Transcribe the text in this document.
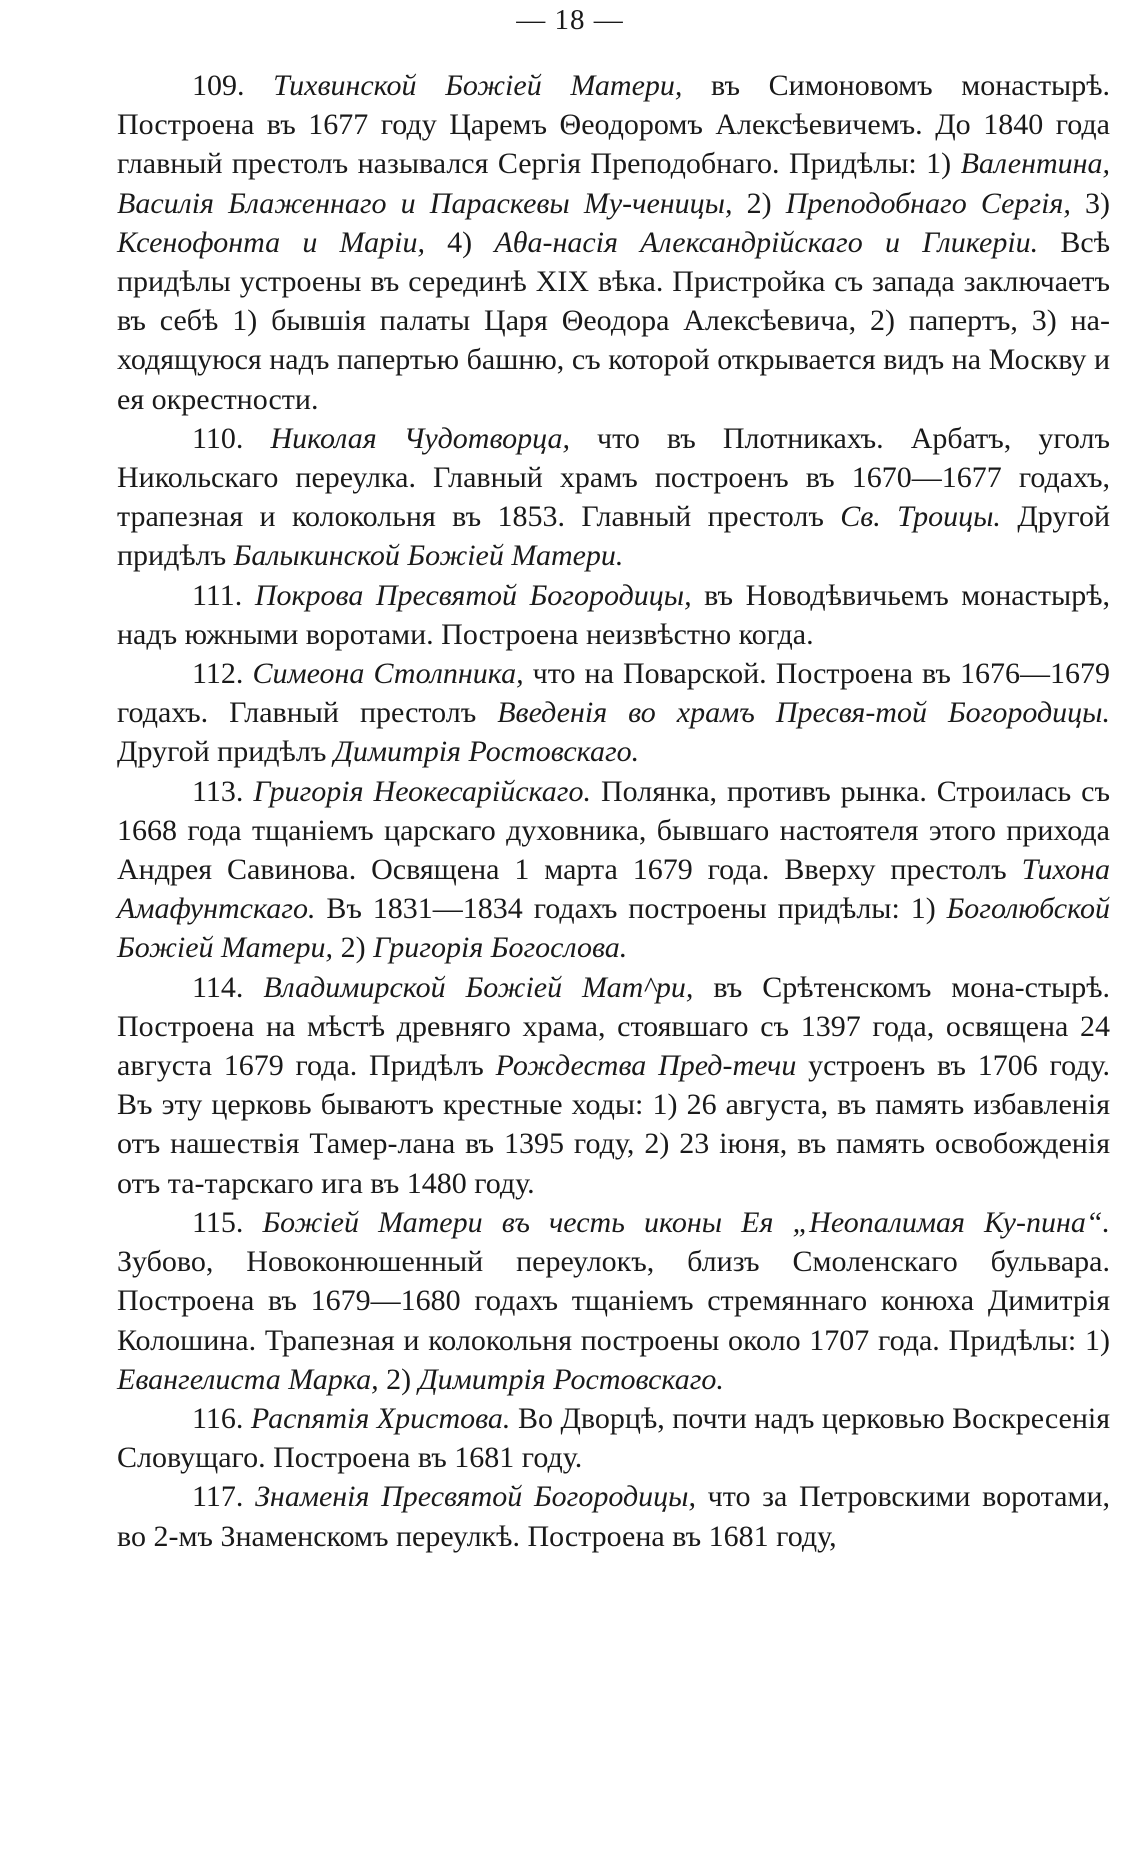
— 18 —

109. Тихвинской Божіей Матери, въ Симоновомъ монастырѣ. Построена въ 1677 году Царемъ Θеодоромъ Алексѣевичемъ. До 1840 года главный престолъ назывался Сергія Преподобнаго. Придѣлы: 1) Валентина, Василія Блаженнаго и Параскевы Му-ченицы, 2) Преподобнаго Сергія, 3) Ксенофонта и Маріи, 4) Аθа-насія Александрійскаго и Гликеріи. Всѣ придѣлы устроены въ серединѣ XIX вѣка. Пристройка съ запада заключаетъ въ себѣ 1) бывшія палаты Царя Θеодора Алексѣевича, 2) папертъ, 3) на-ходящуюся надъ папертью башню, съ которой открывается видъ на Москву и ея окрестности.

110. Николая Чудотворца, что въ Плотникахъ. Арбатъ, уголъ Никольскаго переулка. Главный храмъ построенъ въ 1670—1677 годахъ, трапезная и колокольня въ 1853. Главный престолъ Св. Троицы. Другой придѣлъ Балыкинской Божіей Матери.

111. Покрова Пресвятой Богородицы, въ Новодѣвичьемъ монастырѣ, надъ южными воротами. Построена неизвѣстно когда.

112. Симеона Столпника, что на Поварской. Построена въ 1676—1679 годахъ. Главный престолъ Введенія во храмъ Пресвя-той Богородицы. Другой придѣлъ Димитрія Ростовскаго.

113. Григорія Неокесарійскаго. Полянка, противъ рынка. Строилась съ 1668 года тщаніемъ царскаго духовника, бывшаго настоятеля этого прихода Андрея Савинова. Освящена 1 марта 1679 года. Вверху престолъ Тихона Амафунтскаго. Въ 1831—1834 годахъ построены придѣлы: 1) Боголюбской Божіей Матери, 2) Григорія Богослова.

114. Владимирской Божіей Мат^ри, въ Срѣтенскомъ мона-стырѣ. Построена на мѣстѣ древняго храма, стоявшаго съ 1397 года, освящена 24 августа 1679 года. Придѣлъ Рождества Пред-течи устроенъ въ 1706 году. Въ эту церковь бываютъ крестные ходы: 1) 26 августа, въ память избавленія отъ нашествія Тамер-лана въ 1395 году, 2) 23 іюня, въ память освобожденія отъ та-тарскаго ига въ 1480 году.

115. Божіей Матери въ честь иконы Ея „Неопалимая Ку-пина“. Зубово, Новоконюшенный переулокъ, близъ Смоленскаго бульвара. Построена въ 1679—1680 годахъ тщаніемъ стремяннаго конюха Димитрія Колошина. Трапезная и колокольня построены около 1707 года. Придѣлы: 1) Евангелиста Марка, 2) Димитрія Ростовскаго.

116. Распятія Христова. Во Дворцѣ, почти надъ церковью Воскресенія Словущаго. Построена въ 1681 году.

117. Знаменія Пресвятой Богородицы, что за Петровскими воротами, во 2-мъ Знаменскомъ переулкѣ. Построена въ 1681 году,
